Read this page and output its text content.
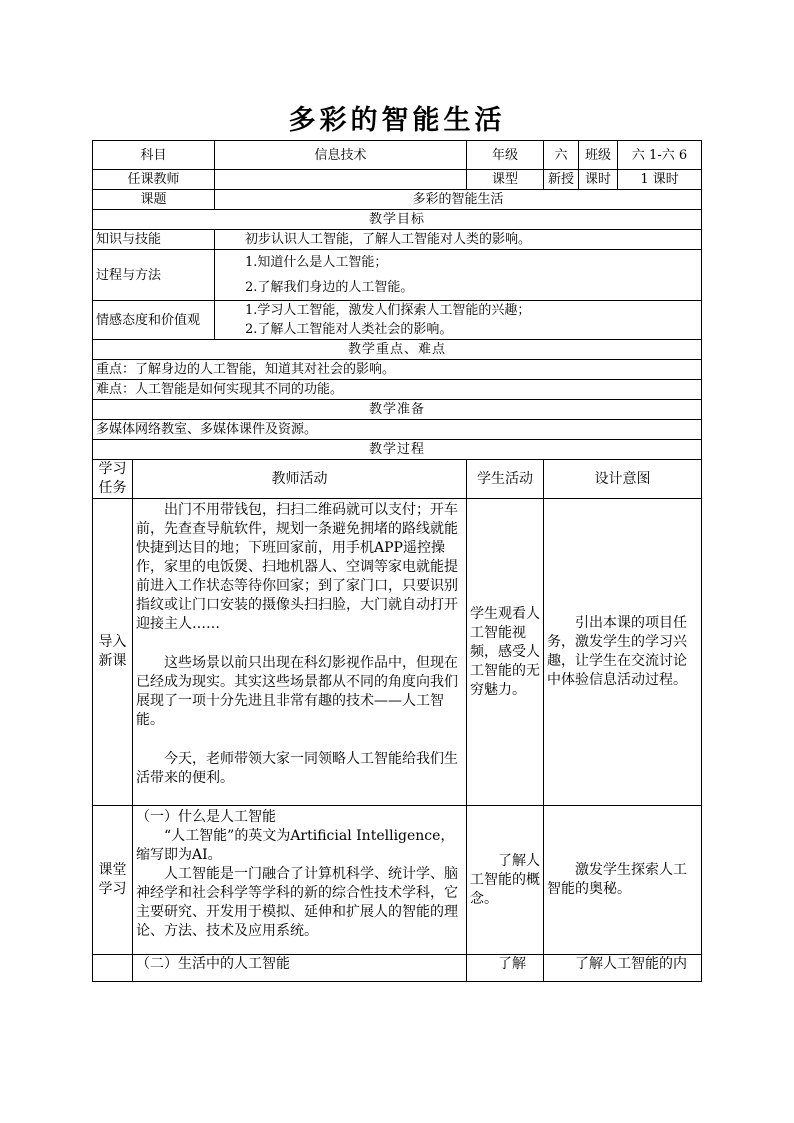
多彩的智能生活
科目		信息技术	年级	六	班级	六 1-六 6
任课教师			课型	新授	课时	1 课时
课题		多彩的智能生活				
教学目标						
知识与技能		初步认识人工智能，了解人工智能对人类的影响。				
过程与方法		1.知道什么是人工智能；
2.了解我们身边的人工智能。				

情感态度和价值观		1.学习人工智能，激发人们探索人工智能的兴趣；
2.了解人工智能对人类社会的影响。				

教学重点、难点						
重点：了解身边的人工智能，知道其对社会的影响。						
难点：人工智能是如何实现其不同的功能。						
教学准备						
多媒体网络教室、多媒体课件及资源。						
教学过程						
学习任务	教师活动		学生活动	设计意图		
导入新课	出门不用带钱包，扫扫二维码就可以支付；开车前，先查查导航软件，规划一条避免拥堵的路线就能快捷到达目的地；下班回家前，用手机APP遥控操作，家里的电饭煲、扫地机器人、空调等家电就能提前进入工作状态等待你回家；到了家门口，只要识别指纹或让门口安装的摄像头扫扫脸，大门就自动打开迎接主人……

这些场景以前只出现在科幻影视作品中，但现在已经成为现实。其实这些场景都从不同的角度向我们展现了一项十分先进且非常有趣的技术——人工智能。

今天，老师带领大家一同领略人工智能给我们生活带来的便利。		学生观看人工智能视频，感受人工智能的无穷魅力。	引出本课的项目任务，激发学生的学习兴趣，让学生在交流讨论中体验信息活动过程。		

课堂学习	（一）什么是人工智能

“人工智能”的英文为Artificial Intelligence，缩写即为AI。

人工智能是一门融合了计算机科学、统计学、脑神经学和社会科学等学科的新的综合性技术学科，它主要研究、开发用于模拟、延伸和扩展人的智能的理论、方法、技术及应用系统。		了解人工智能的概念。	激发学生探索人工智能的奥秘。		

	（二）生活中的人工智能		了解	了解人工智能的内		
